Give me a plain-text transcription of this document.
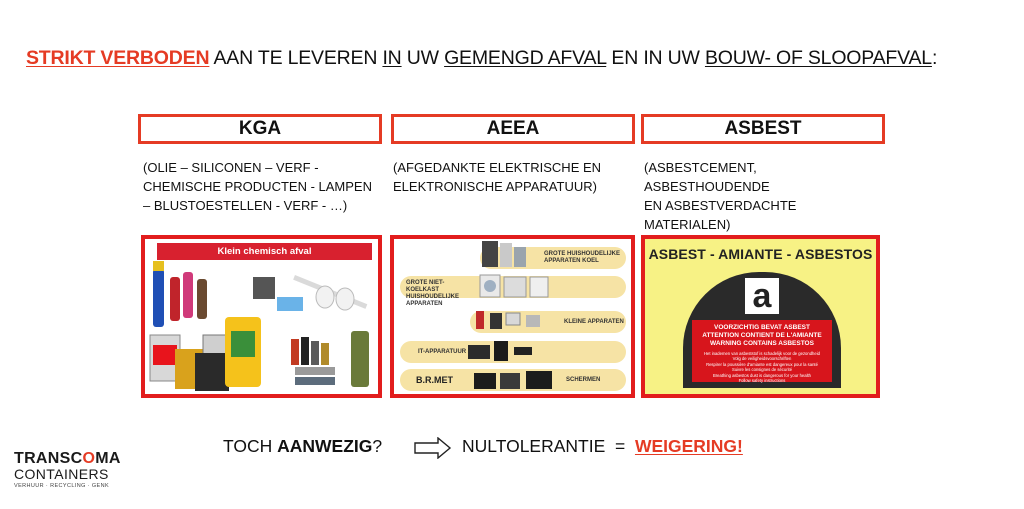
STRIKT VERBODEN AAN TE LEVEREN IN UW GEMENGD AFVAL EN IN UW BOUW- OF SLOOPAFVAL:
KGA	AEEA	ASBEST
(OLIE – SILICONEN – VERF -
CHEMISCHE PRODUCTEN - LAMPEN
– BLUSTOESTELLEN - VERF - …)
(AFGEDANKTE ELEKTRISCHE EN
ELEKTRONISCHE APPARATUUR)
(ASBESTCEMENT, ASBESTHOUDENDE
EN ASBESTVERDACHTE
MATERIALEN)
Klein chemisch afval	GROTE HUISHOUDELIJKE APPARATEN KOEL
GROTE NIET-KOELKAST HUISHOUDELIJKE APPARATEN
KLEINE APPARATEN
IT-APPARATUUR
SCHERMEN
B.R.MET
ASBEST - AMIANTE - ASBESTOS
a
VOORZICHTIG BEVAT ASBEST
ATTENTION CONTIENT DE L'AMIANTE
WARNING CONTAINS ASBESTOS
Het inademen van asbeststof is schadelijk voor de gezondheid
Volg de veiligheidsvoorschriften
Respirer la poussière d'amiante est dangereux pour la santé
Suivre les consignes de sécurité
Breathing asbestos dust is dangerous for your health
Follow safety instructions
TOCH AANWEZIG?	NULTOLERANTIE  =  WEIGERING!
TRANSCOMA
CONTAINERS
VERHUUR · RECYCLING · GENK
